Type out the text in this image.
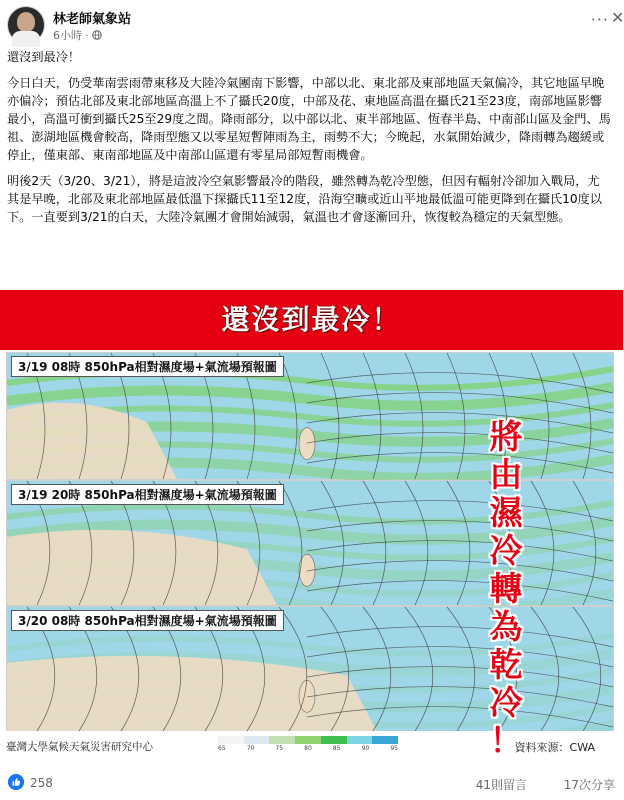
林老師氣象站
6小時 ·
··· ✕

還沒到最冷！

今日白天，仍受華南雲雨帶東移及大陸冷氣團南下影響，中部以北、東北部及東部地區天氣偏冷，其它地區早晚亦偏冷；預估北部及東北部地區高溫上不了攝氏20度，中部及花、東地區高溫在攝氏21至23度，南部地區影響最小，高溫可衝到攝氏25至29度之間。降雨部分，以中部以北、東半部地區、恆春半島、中南部山區及金門、馬祖、澎湖地區機會較高，降雨型態又以零星短暫陣雨為主，雨勢不大；今晚起，水氣開始減少，降雨轉為趨緩或停止，僅東部、東南部地區及中南部山區還有零星局部短暫雨機會。

明後2天（3/20、3/21），將是這波冷空氣影響最冷的階段，雖然轉為乾冷型態，但因有輻射冷卻加入戰局，尤其是早晚，北部及東北部地區最低溫下探攝氏11至12度，沿海空曠或近山平地最低溫可能更降到在攝氏10度以下。一直要到3/21的白天，大陸冷氣團才會開始減弱，氣溫也才會逐漸回升，恢復較為穩定的天氣型態。

還沒到最冷！
3/19 08時 850hPa相對濕度場+氣流場預報圖
3/19 20時 850hPa相對濕度場+氣流場預報圖
3/20 08時 850hPa相對濕度場+氣流場預報圖
將
由
濕
冷
轉
為
乾
冷
！
臺灣大學氣候天氣災害研究中心	65	70	75	80	85	90	95	資料來源：CWA
258	41則留言	17次分享
